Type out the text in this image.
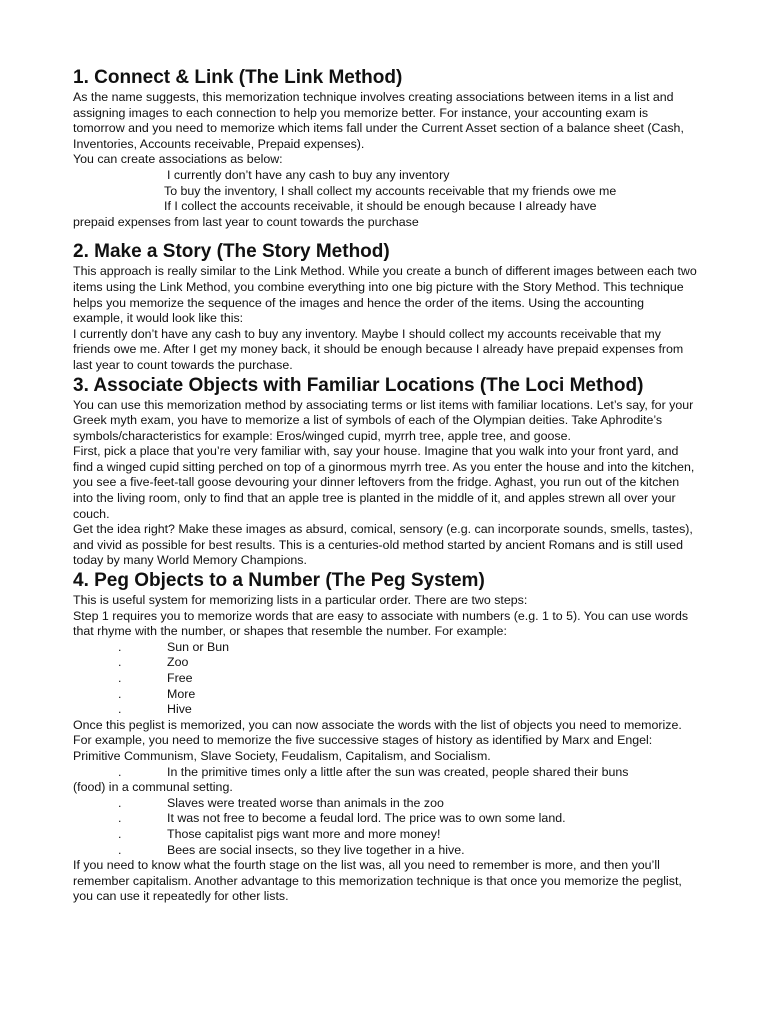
1. Connect & Link (The Link Method)

As the name suggests, this memorization technique involves creating associations between items in a list and assigning images to each connection to help you memorize better. For instance, your accounting exam is tomorrow and you need to memorize which items fall under the Current Asset section of a balance sheet (Cash, Inventories, Accounts receivable, Prepaid expenses).

You can create associations as below:

I currently don’t have any cash to buy any inventory

To buy the inventory, I shall collect my accounts receivable that my friends owe me

If I collect the accounts receivable, it should be enough because I already have

prepaid expenses from last year to count towards the purchase

2. Make a Story (The Story Method)

This approach is really similar to the Link Method. While you create a bunch of different images between each two items using the Link Method, you combine everything into one big picture with the Story Method. This technique helps you memorize the sequence of the images and hence the order of the items. Using the accounting example, it would look like this:

I currently don’t have any cash to buy any inventory. Maybe I should collect my accounts receivable that my friends owe me. After I get my money back, it should be enough because I already have prepaid expenses from last year to count towards the purchase.

3. Associate Objects with Familiar Locations (The Loci Method)

You can use this memorization method by associating terms or list items with familiar locations. Let’s say, for your Greek myth exam, you have to memorize a list of symbols of each of the Olympian deities. Take Aphrodite’s symbols/characteristics for example: Eros/winged cupid, myrrh tree, apple tree, and goose.

First, pick a place that you’re very familiar with, say your house. Imagine that you walk into your front yard, and find a winged cupid sitting perched on top of a ginormous myrrh tree. As you enter the house and into the kitchen, you see a five-feet-tall goose devouring your dinner leftovers from the fridge. Aghast, you run out of the kitchen into the living room, only to find that an apple tree is planted in the middle of it, and apples strewn all over your couch.

Get the idea right? Make these images as absurd, comical, sensory (e.g. can incorporate sounds, smells, tastes), and vivid as possible for best results. This is a centuries-old method started by ancient Romans and is still used today by many World Memory Champions.

4. Peg Objects to a Number (The Peg System)

This is useful system for memorizing lists in a particular order. There are two steps:

Step 1 requires you to memorize words that are easy to associate with numbers (e.g. 1 to 5). You can use words that rhyme with the number, or shapes that resemble the number. For example:

.	Sun or Bun
.	Zoo
.	Free
.	More
.	Hive

Once this peglist is memorized, you can now associate the words with the list of objects you need to memorize. For example, you need to memorize the five successive stages of history as identified by Marx and Engel: Primitive Communism, Slave Society, Feudalism, Capitalism, and Socialism.

.	In the primitive times only a little after the sun was created, people shared their buns

(food) in a communal setting.

.	Slaves were treated worse than animals in the zoo
.	It was not free to become a feudal lord. The price was to own some land.
.	Those capitalist pigs want more and more money!
.	Bees are social insects, so they live together in a hive.

If you need to know what the fourth stage on the list was, all you need to remember is more, and then you’ll remember capitalism. Another advantage to this memorization technique is that once you memorize the peglist, you can use it repeatedly for other lists.
